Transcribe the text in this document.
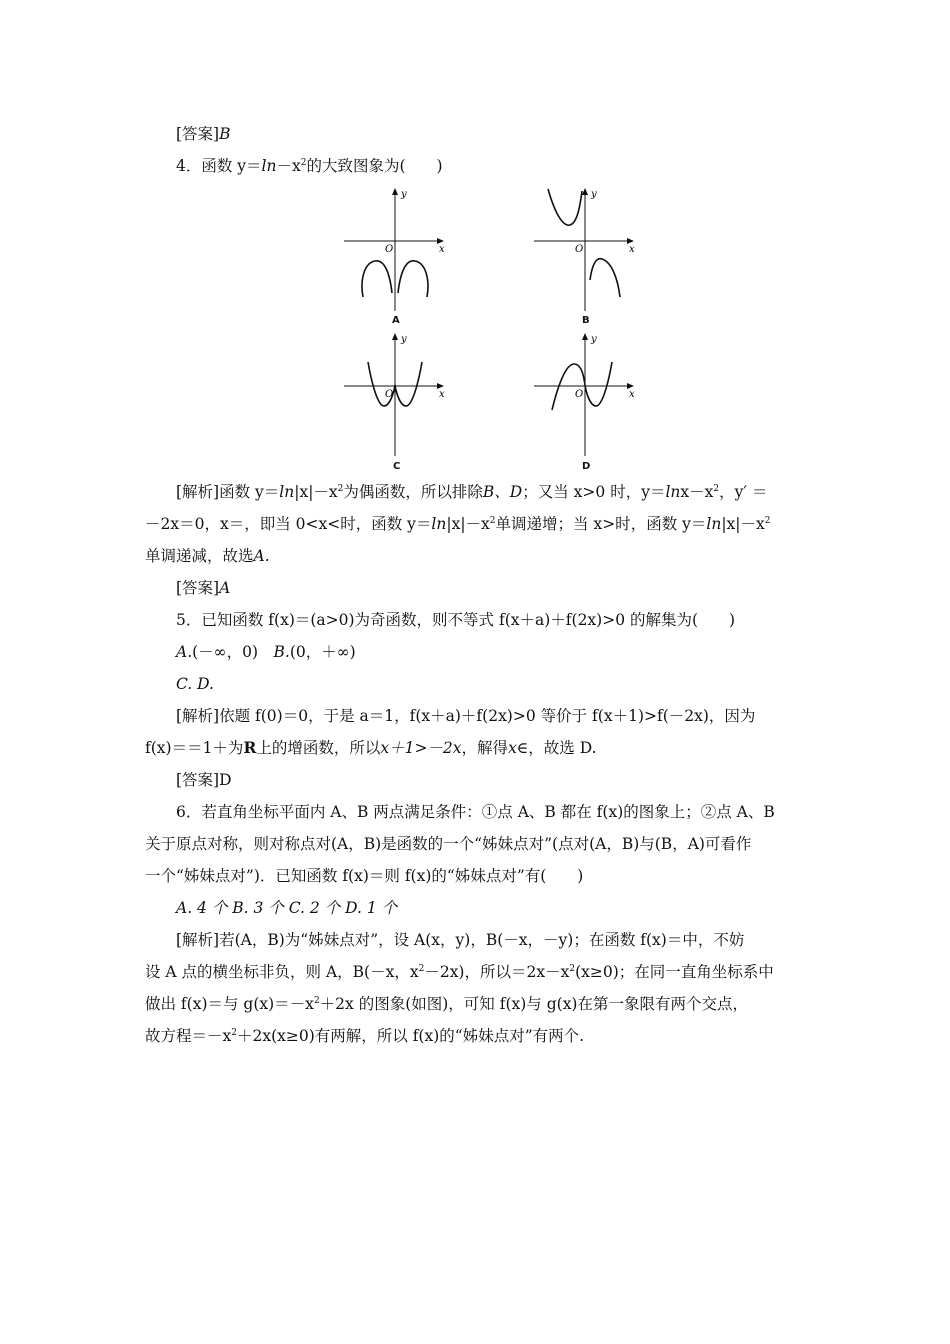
[答案]B
4．函数 $y=\ln-x^2$的大致图象为(　　)
y
x
O
A
y
x
O
B
y
x
O
C
y
x
O
D
[解析]函数 $y=\ln|x|-x^2$为偶函数，所以排除B、D；又当 x>0 时，$y=\ln x-x^2$，y′ ＝
－2x＝0，x＝，即当 0<x<时，函数 $y=\ln|x|-x^2$单调递增；当 x>时，函数 $y=\ln|x|-x^2$
单调递减，故选A.
[答案]A
5．已知函数 f(x)＝(a>0)为奇函数，则不等式 f(x＋a)＋f(2x)>0 的解集为(　　)
A.(－∞，0)　B.(0，＋∞)
C. D.
[解析]依题 f(0)＝0，于是 a＝1，f(x＋a)＋f(2x)>0 等价于 f(x＋1)>f(－2x)，因为
f(x)＝＝1＋为R上的增函数，所以x＋1>－2x，解得x∈，故选 D.
[答案]D
6．若直角坐标平面内 A、B 两点满足条件：①点 A、B 都在 f(x)的图象上；②点 A、B
关于原点对称，则对称点对(A，B)是函数的一个“姊妹点对”(点对(A，B)与(B，A)可看作
一个“姊妹点对”)．已知函数 f(x)＝则 f(x)的“姊妹点对”有(　　)
A. 4 个 B. 3 个 C. 2 个 D. 1 个
[解析]若(A，B)为“姊妹点对”，设 A(x，y)，B(－x，－y)；在函数 f(x)＝中，不妨
设 A 点的横坐标非负，则 A，B(－x，$x^2-2x$)，所以$=2x-x^2(x\ge 0)$；在同一直角坐标系中
做出 f(x)＝与 $g(x)=-x^2+2x$ 的图象(如图)，可知 f(x)与 g(x)在第一象限有两个交点，
故方程$=-x^2+2x(x\ge 0)$有两解，所以 f(x)的“姊妹点对”有两个.
